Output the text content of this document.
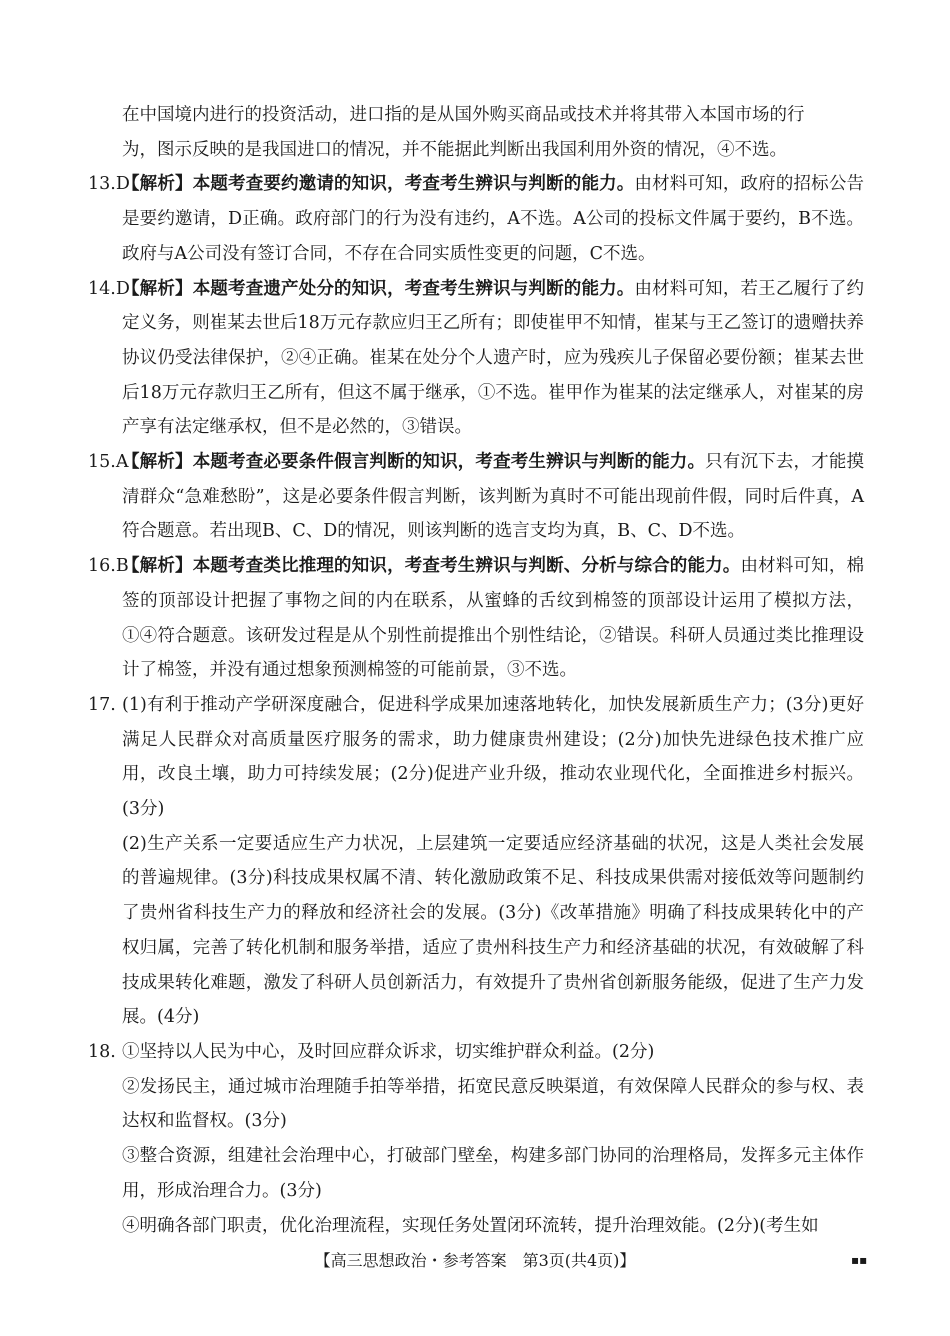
在中国境内进行的投资活动，进口指的是从国外购买商品或技术并将其带入本国市场的行
为，图示反映的是我国进口的情况，并不能据此判断出我国利用外资的情况，④不选。

13.D
【解析】本题考查要约邀请的知识，考查考生辨识与判断的能力。由材料可知，政府的招标公告是要约邀请，D正确。政府部门的行为没有违约，A不选。A公司的投标文件属于要约，B不选。政府与A公司没有签订合同，不存在合同实质性变更的问题，C不选。

14.D
【解析】本题考查遗产处分的知识，考查考生辨识与判断的能力。由材料可知，若王乙履行了约定义务，则崔某去世后18万元存款应归王乙所有；即使崔甲不知情，崔某与王乙签订的遗赠扶养协议仍受法律保护，②④正确。崔某在处分个人遗产时，应为残疾儿子保留必要份额；崔某去世后18万元存款归王乙所有，但这不属于继承，①不选。崔甲作为崔某的法定继承人，对崔某的房产享有法定继承权，但不是必然的，③错误。

15.A
【解析】本题考查必要条件假言判断的知识，考查考生辨识与判断的能力。只有沉下去，才能摸清群众“急难愁盼”，这是必要条件假言判断，该判断为真时不可能出现前件假，同时后件真，A符合题意。若出现B、C、D的情况，则该判断的选言支均为真，B、C、D不选。

16.B
【解析】本题考查类比推理的知识，考查考生辨识与判断、分析与综合的能力。由材料可知，棉签的顶部设计把握了事物之间的内在联系，从蜜蜂的舌纹到棉签的顶部设计运用了模拟方法，①④符合题意。该研发过程是从个别性前提推出个别性结论，②错误。科研人员通过类比推理设计了棉签，并没有通过想象预测棉签的可能前景，③不选。

17. (1)有利于推动产学研深度融合，促进科学成果加速落地转化，加快发展新质生产力；(3分)更好满足人民群众对高质量医疗服务的需求，助力健康贵州建设；(2分)加快先进绿色技术推广应用，改良土壤，助力可持续发展；(2分)促进产业升级，推动农业现代化，全面推进乡村振兴。(3分)
(2)生产关系一定要适应生产力状况，上层建筑一定要适应经济基础的状况，这是人类社会发展的普遍规律。(3分)科技成果权属不清、转化激励政策不足、科技成果供需对接低效等问题制约了贵州省科技生产力的释放和经济社会的发展。(3分)《改革措施》明确了科技成果转化中的产权归属，完善了转化机制和服务举措，适应了贵州科技生产力和经济基础的状况，有效破解了科技成果转化难题，激发了科研人员创新活力，有效提升了贵州省创新服务能级，促进了生产力发展。(4分)

18. ①坚持以人民为中心，及时回应群众诉求，切实维护群众利益。(2分)
②发扬民主，通过城市治理随手拍等举措，拓宽民意反映渠道，有效保障人民群众的参与权、表达权和监督权。(3分)
③整合资源，组建社会治理中心，打破部门壁垒，构建多部门协同的治理格局，发挥多元主体作用，形成治理合力。(3分)
④明确各部门职责，优化治理流程，实现任务处置闭环流转，提升治理效能。(2分)(考生如

【高三思想政治・参考答案　第3页(共4页)】	▪▪
